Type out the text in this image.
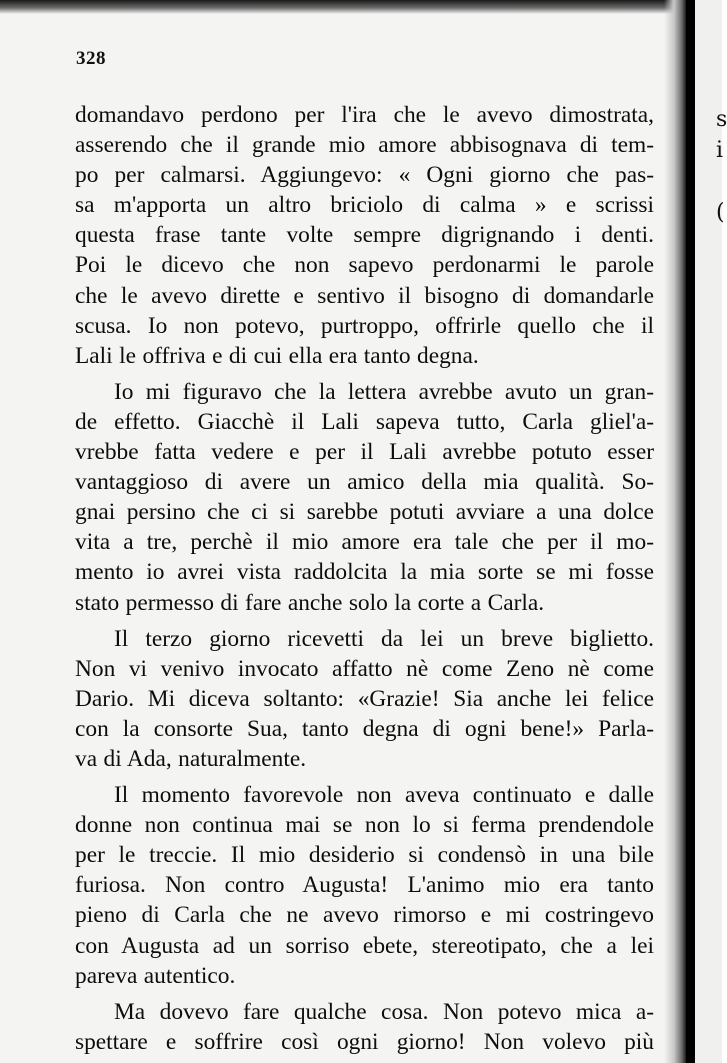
s
i
(
328
domandavo perdono per l'ira che le avevo dimostrata,
asserendo che il grande mio amore abbisognava di tem-
po per calmarsi. Aggiungevo: « Ogni giorno che pas-
sa m'apporta un altro briciolo di calma » e scrissi
questa frase tante volte sempre digrignando i denti.
Poi le dicevo che non sapevo perdonarmi le parole
che le avevo dirette e sentivo il bisogno di domandarle
scusa. Io non potevo, purtroppo, offrirle quello che il
Lali le offriva e di cui ella era tanto degna.
Io mi figuravo che la lettera avrebbe avuto un gran-
de effetto. Giacchè il Lali sapeva tutto, Carla gliel'a-
vrebbe fatta vedere e per il Lali avrebbe potuto esser
vantaggioso di avere un amico della mia qualità. So-
gnai persino che ci si sarebbe potuti avviare a una dolce
vita a tre, perchè il mio amore era tale che per il mo-
mento io avrei vista raddolcita la mia sorte se mi fosse
stato permesso di fare anche solo la corte a Carla.
Il terzo giorno ricevetti da lei un breve biglietto.
Non vi venivo invocato affatto nè come Zeno nè come
Dario. Mi diceva soltanto: «Grazie! Sia anche lei felice
con la consorte Sua, tanto degna di ogni bene!» Parla-
va di Ada, naturalmente.
Il momento favorevole non aveva continuato e dalle
donne non continua mai se non lo si ferma prendendole
per le treccie. Il mio desiderio si condensò in una bile
furiosa. Non contro Augusta! L'animo mio era tanto
pieno di Carla che ne avevo rimorso e mi costringevo
con Augusta ad un sorriso ebete, stereotipato, che a lei
pareva autentico.
Ma dovevo fare qualche cosa. Non potevo mica a-
spettare e soffrire così ogni giorno! Non volevo più
